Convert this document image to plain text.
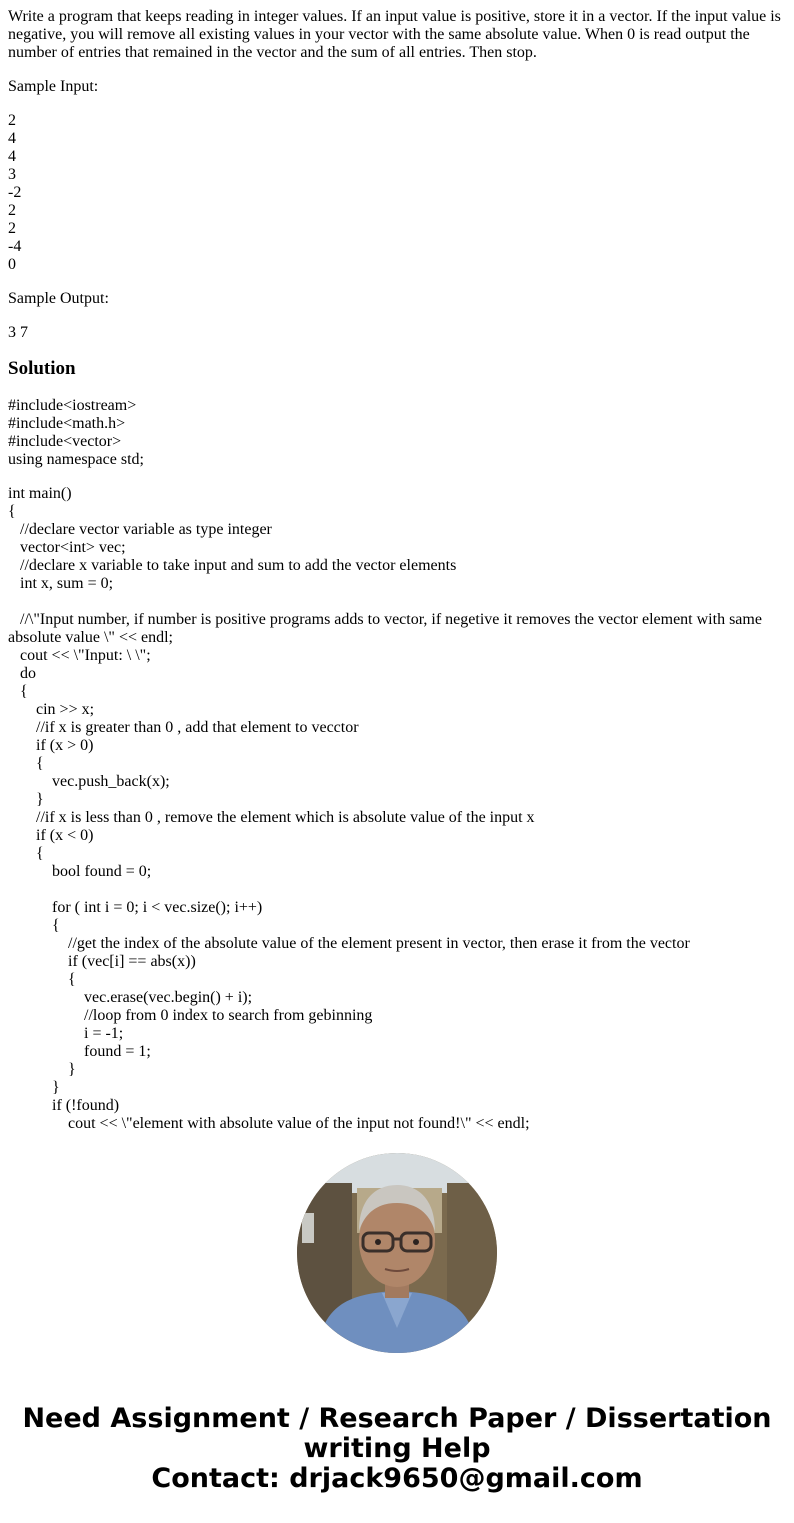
Write a program that keeps reading in integer values. If an input value is positive, store it in a vector. If the input value is negative, you will remove all existing values in your vector with the same absolute value. When 0 is read output the number of entries that remained in the vector and the sum of all entries. Then stop.

Sample Input:

2
4
4
3
-2
2
2
-4
0

Sample Output:

3 7

Solution
#include<iostream>
#include<math.h>
#include<vector>
using namespace std;
int main()
{
//declare vector variable as type integer
vector<int> vec;
//declare x variable to take input and sum to add the vector elements
int x, sum = 0;
//\"Input number, if number is positive programs adds to vector, if negetive it removes the vector element with same absolute value \" << endl;
cout << \"Input: \ \";
do
{
cin >> x;
//if x is greater than 0 , add that element to vecctor
if (x > 0)
{
vec.push_back(x);
}
//if x is less than 0 , remove the element which is absolute value of the input x
if (x < 0)
{
bool found = 0;
for ( int i = 0; i < vec.size(); i++)
{
//get the index of the absolute value of the element present in vector, then erase it from the vector
if (vec[i] == abs(x))
{
vec.erase(vec.begin() + i);
//loop from 0 index to search from gebinning
i = -1;
found = 1;
}
}
if (!found)
cout << \"element with absolute value of the input not found!\" << endl;
Need Assignment / Research Paper / Dissertation
writing Help
Contact: drjack9650@gmail.com
